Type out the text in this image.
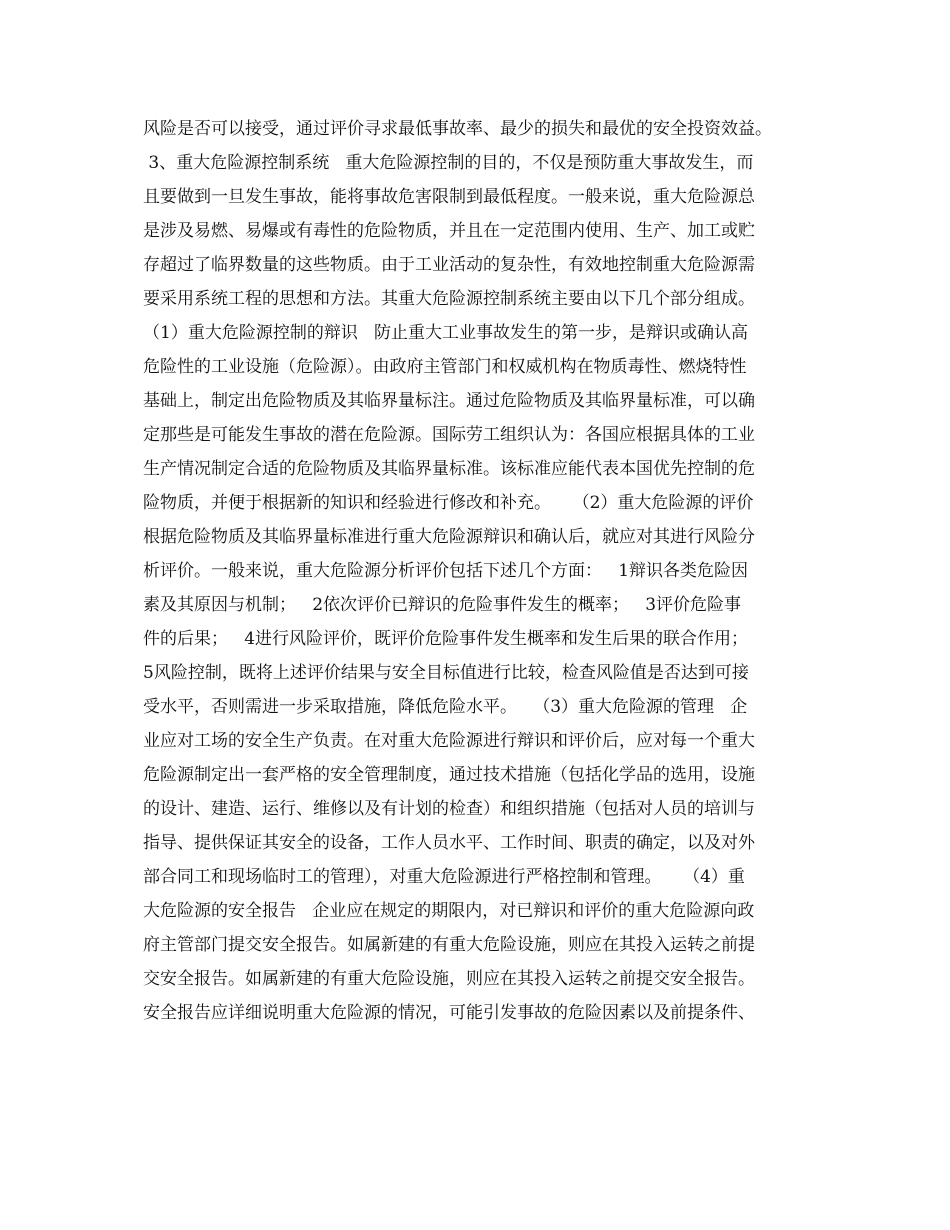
风险是否可以接受，通过评价寻求最低事故率、最少的损失和最优的安全投资效益。
3、重大危险源控制系统   重大危险源控制的目的，不仅是预防重大事故发生，而
且要做到一旦发生事故，能将事故危害限制到最低程度。一般来说，重大危险源总
是涉及易燃、易爆或有毒性的危险物质，并且在一定范围内使用、生产、加工或贮
存超过了临界数量的这些物质。由于工业活动的复杂性，有效地控制重大危险源需
要采用系统工程的思想和方法。其重大危险源控制系统主要由以下几个部分组成。
（1）重大危险源控制的辩识   防止重大工业事故发生的第一步，是辩识或确认高
危险性的工业设施（危险源）。由政府主管部门和权威机构在物质毒性、燃烧特性
基础上，制定出危险物质及其临界量标注。通过危险物质及其临界量标准，可以确
定那些是可能发生事故的潜在危险源。国际劳工组织认为：各国应根据具体的工业
生产情况制定合适的危险物质及其临界量标准。该标准应能代表本国优先控制的危
险物质，并便于根据新的知识和经验进行修改和补充。    （2）重大危险源的评价
根据危险物质及其临界量标准进行重大危险源辩识和确认后，就应对其进行风险分
析评价。一般来说，重大危险源分析评价包括下述几个方面：   1辩识各类危险因
素及其原因与机制；   2依次评价已辩识的危险事件发生的概率；   3评价危险事
件的后果；   4进行风险评价，既评价危险事件发生概率和发生后果的联合作用；
5风险控制，既将上述评价结果与安全目标值进行比较，检查风险值是否达到可接
受水平，否则需进一步采取措施，降低危险水平。   （3）重大危险源的管理   企
业应对工场的安全生产负责。在对重大危险源进行辩识和评价后，应对每一个重大
危险源制定出一套严格的安全管理制度，通过技术措施（包括化学品的选用，设施
的设计、建造、运行、维修以及有计划的检查）和组织措施（包括对人员的培训与
指导、提供保证其安全的设备，工作人员水平、工作时间、职责的确定，以及对外
部合同工和现场临时工的管理），对重大危险源进行严格控制和管理。    （4）重
大危险源的安全报告   企业应在规定的期限内，对已辩识和评价的重大危险源向政
府主管部门提交安全报告。如属新建的有重大危险设施，则应在其投入运转之前提
交安全报告。如属新建的有重大危险设施，则应在其投入运转之前提交安全报告。
安全报告应详细说明重大危险源的情况，可能引发事故的危险因素以及前提条件、
